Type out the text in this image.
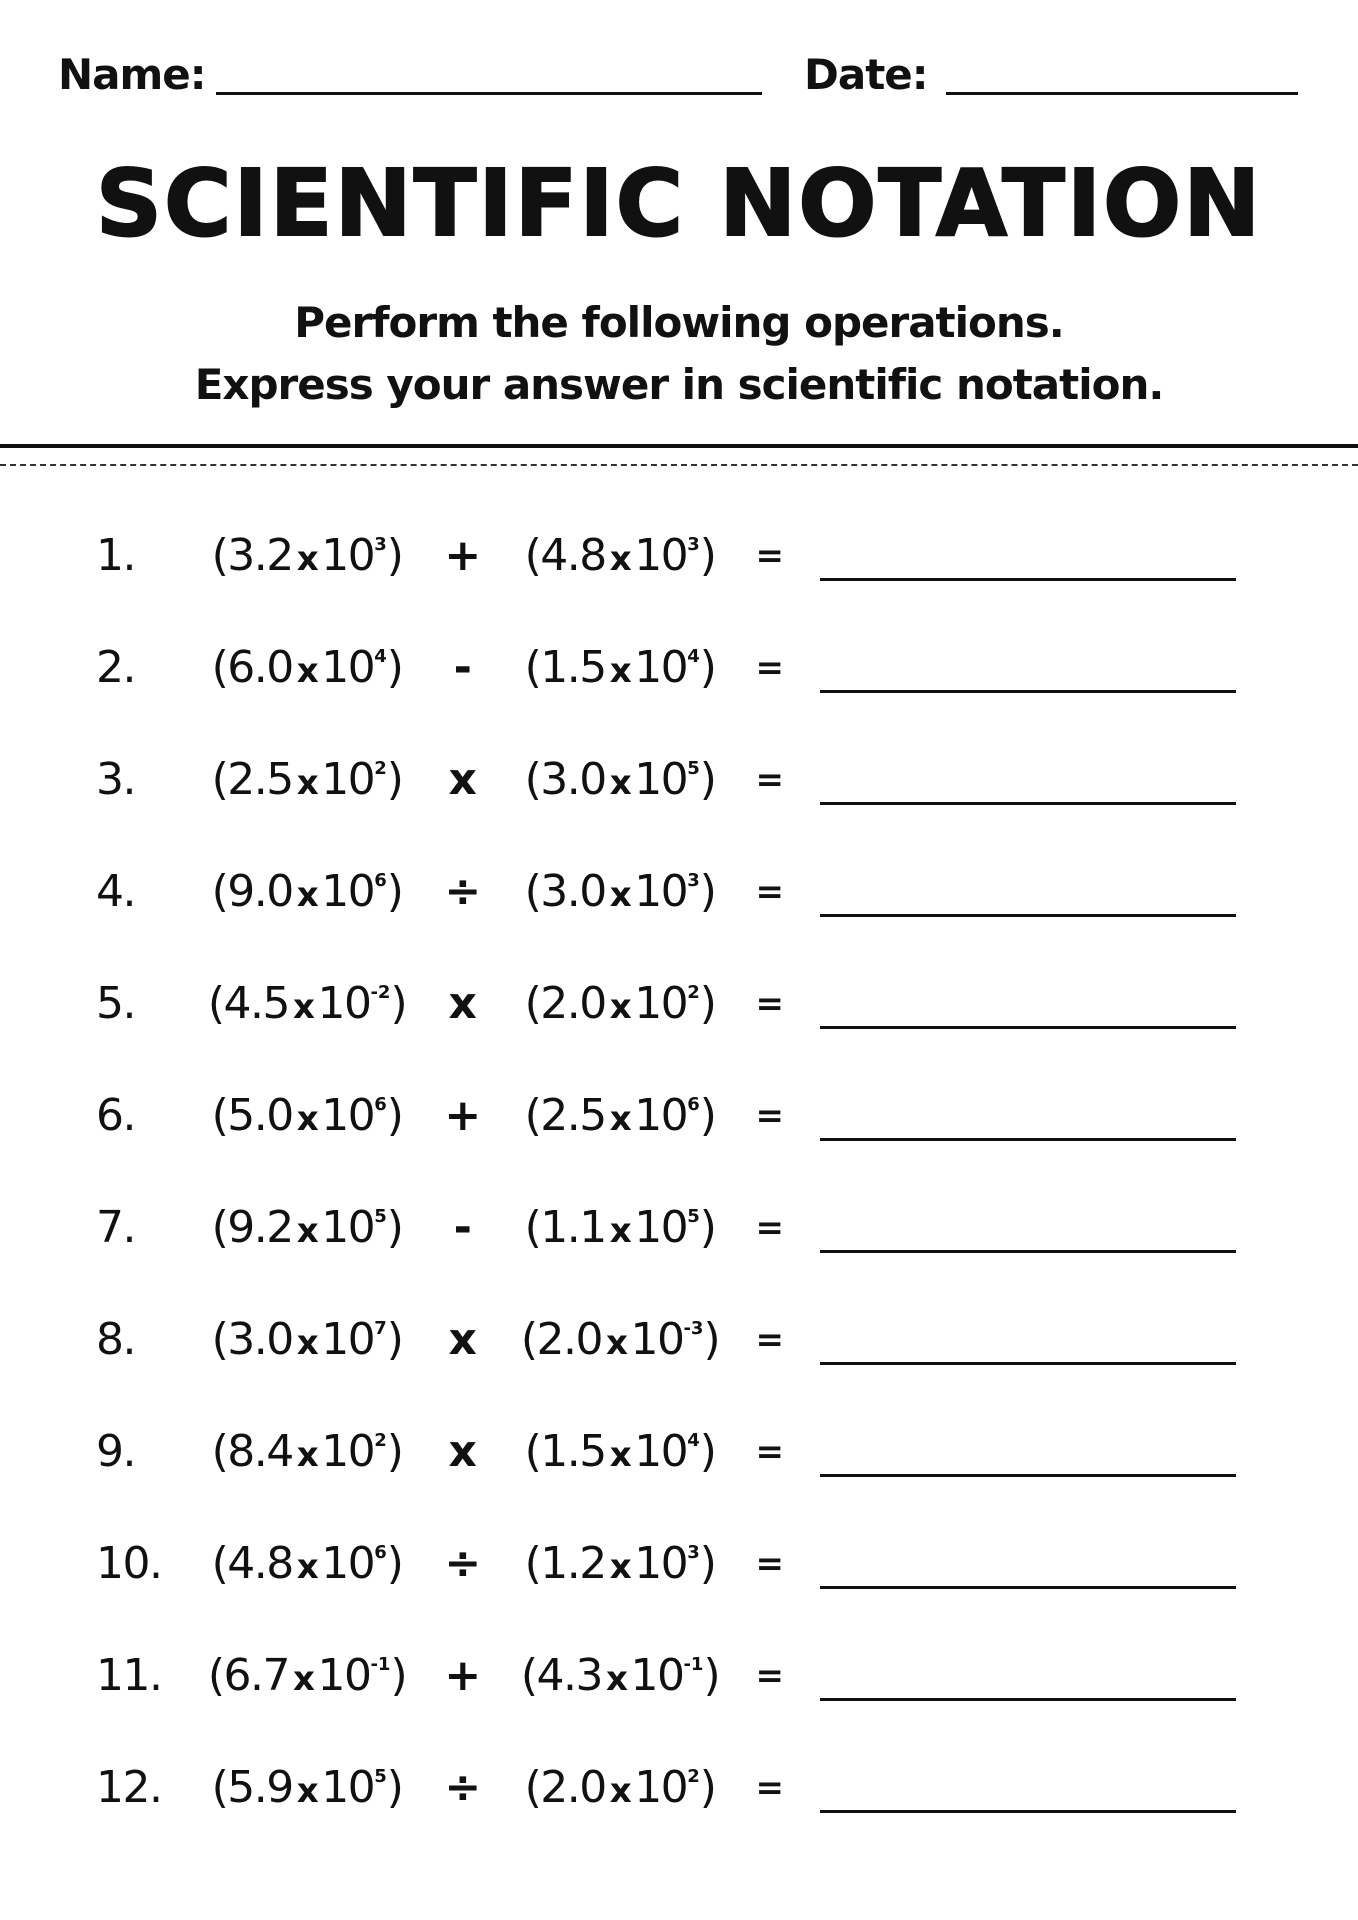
Name:	Date:
SCIENTIFIC NOTATION
Perform the following operations.
Express your answer in scientific notation.
1.	(3.2 $x10^3$) +	(4.8 $x10^3$)	=
2.	(6.0 $x10^4$)	-	(1.5 $x10^4$)	=
3.	(2.5 $x10^2$)	x	(3.0 $x10^5$)	=
4.	(9.0 $x10^6$) ÷	(3.0 $x10^3$)	=
5.	(4.5 $x10^{-2}$) x	(2.0 $x10^2$)	=
6.	(5.0 $x10^6$) +	(2.5 $x10^6$)	=
7.	(9.2 $x10^5$)	-	(1.1 $x10^5$)	=
8.	(3.0 $x10^7$)	x	(2.0 $x10^{-3}$)	=
9.	(8.4 $x10^2$)	x	(1.5 $x10^4$)	=
10.	(4.8 $x10^6$) ÷	(1.2 $x10^3$)	=
11. (6.7 $x10^{-1}) + (4.3$ $x10^{-1}$)	=
12.	(5.9 $x10^5$) ÷	(2.0 $x10^2$)	=
